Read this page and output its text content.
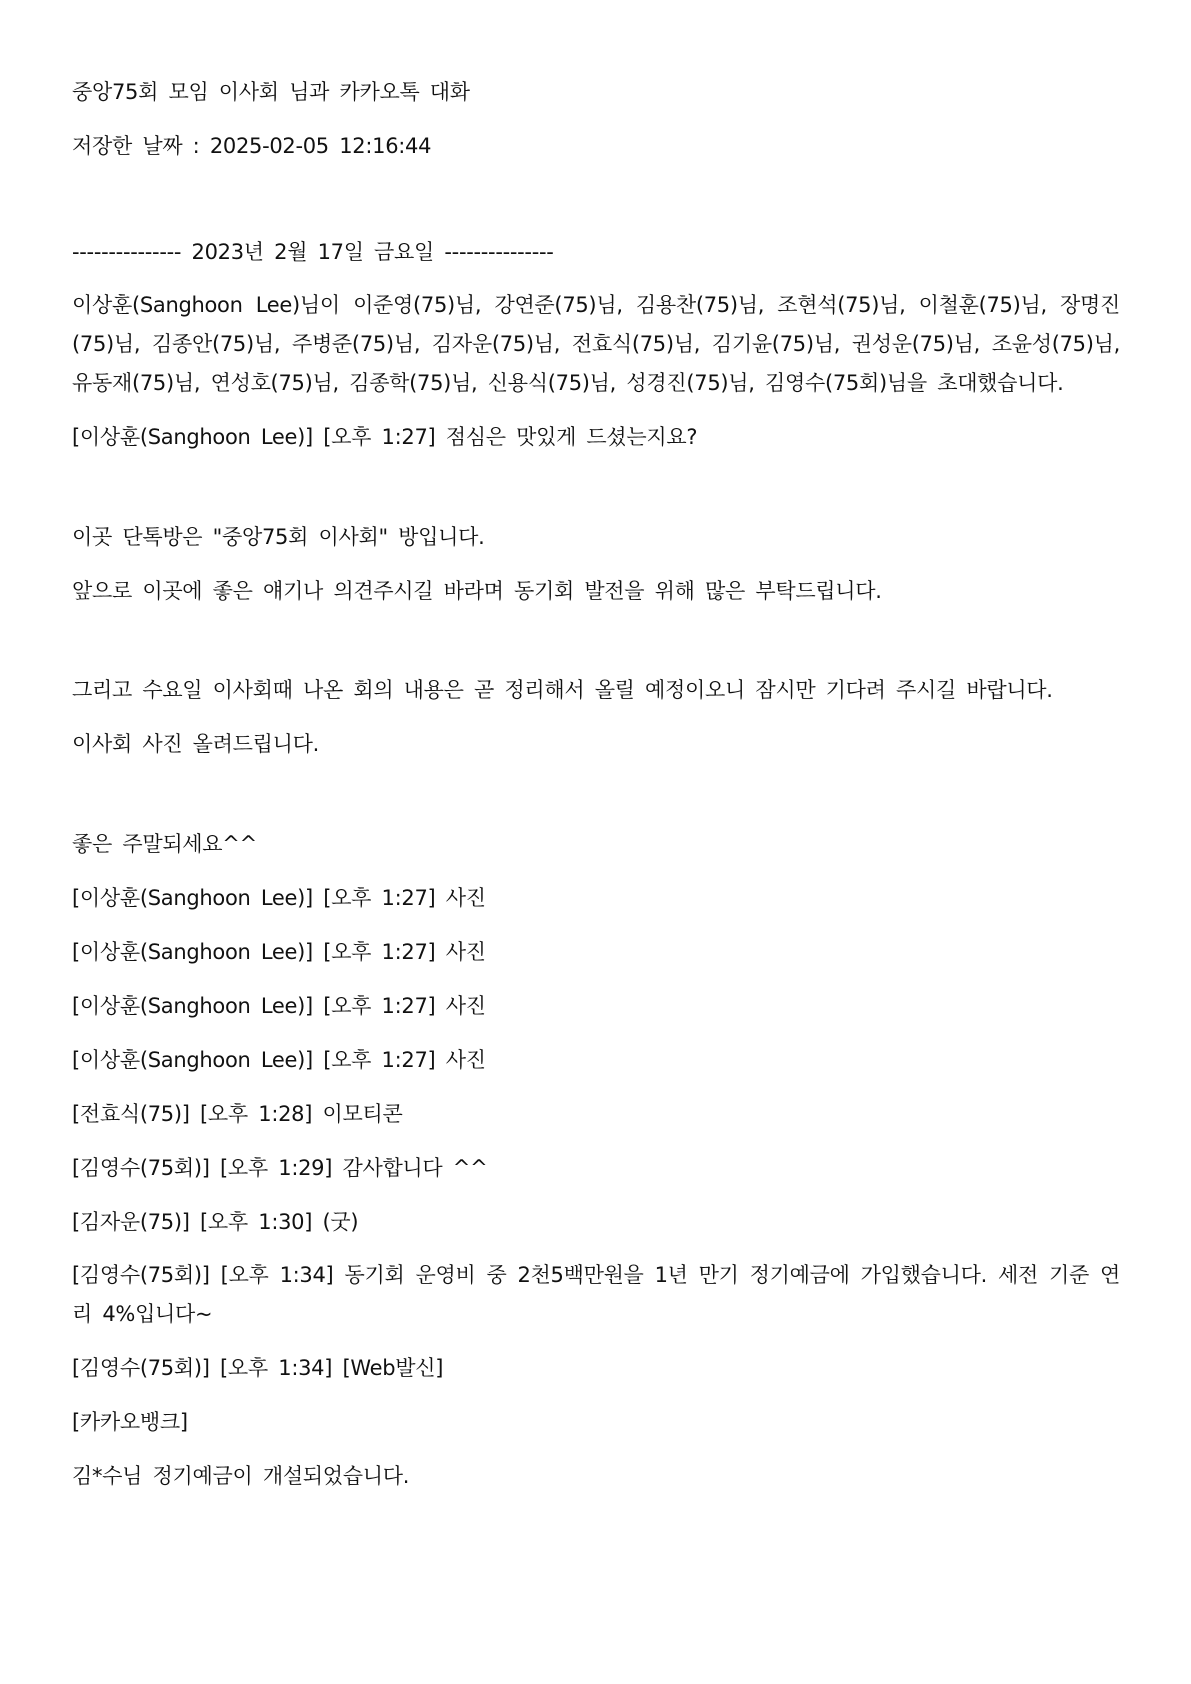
중앙75회 모임 이사회 님과 카카오톡 대화

저장한 날짜 : 2025-02-05 12:16:44

--------------- 2023년 2월 17일 금요일 ---------------

이상훈(Sanghoon Lee)님이 이준영(75)님, 강연준(75)님, 김용찬(75)님, 조현석(75)님, 이철훈(75)님, 장명진(75)님, 김종안(75)님, 주병준(75)님, 김자운(75)님, 전효식(75)님, 김기윤(75)님, 권성운(75)님, 조윤성(75)님, 유동재(75)님, 연성호(75)님, 김종학(75)님, 신용식(75)님, 성경진(75)님, 김영수(75회)님을 초대했습니다.

[이상훈(Sanghoon Lee)] [오후 1:27] 점심은 맛있게 드셨는지요?

이곳 단톡방은 "중앙75회 이사회" 방입니다.

앞으로 이곳에 좋은 얘기나 의견주시길 바라며 동기회 발전을 위해 많은 부탁드립니다.

그리고 수요일 이사회때 나온 회의 내용은 곧 정리해서 올릴 예정이오니 잠시만 기다려 주시길 바랍니다.

이사회 사진 올려드립니다.

좋은 주말되세요^^

[이상훈(Sanghoon Lee)] [오후 1:27] 사진

[이상훈(Sanghoon Lee)] [오후 1:27] 사진

[이상훈(Sanghoon Lee)] [오후 1:27] 사진

[이상훈(Sanghoon Lee)] [오후 1:27] 사진

[전효식(75)] [오후 1:28] 이모티콘

[김영수(75회)] [오후 1:29] 감사합니다 ^^

[김자운(75)] [오후 1:30] (굿)

[김영수(75회)] [오후 1:34] 동기회 운영비 중 2천5백만원을 1년 만기 정기예금에 가입했습니다. 세전 기준 연리 4%입니다~

[김영수(75회)] [오후 1:34] [Web발신]

[카카오뱅크]

김*수님 정기예금이 개설되었습니다.
